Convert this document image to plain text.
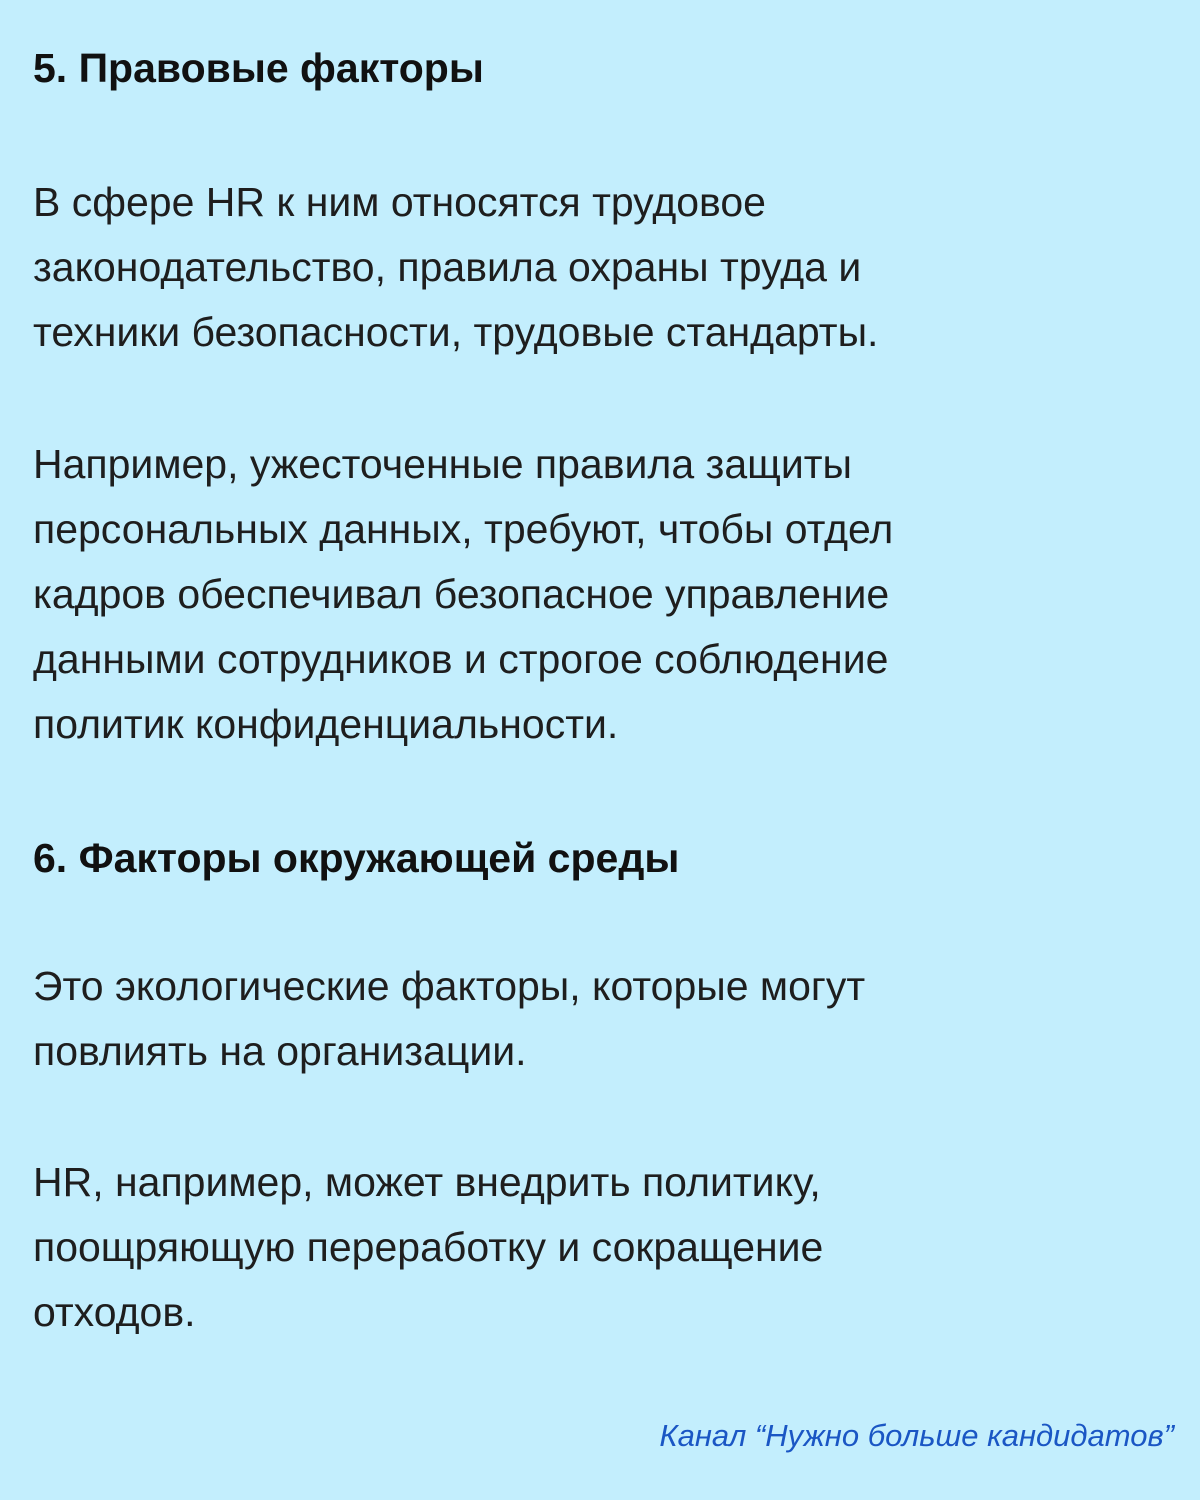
5. Правовые факторы
В сфере HR к ним относятся трудовое
законодательство, правила охраны труда и
техники безопасности, трудовые стандарты.
Например, ужесточенные правила защиты
персональных данных, требуют, чтобы отдел
кадров обеспечивал безопасное управление
данными сотрудников и строгое соблюдение
политик конфиденциальности.
6. Факторы окружающей среды
Это экологические факторы, которые могут
повлиять на организации.
HR, например, может внедрить политику,
поощряющую переработку и сокращение
отходов.
Канал “Нужно больше кандидатов”
